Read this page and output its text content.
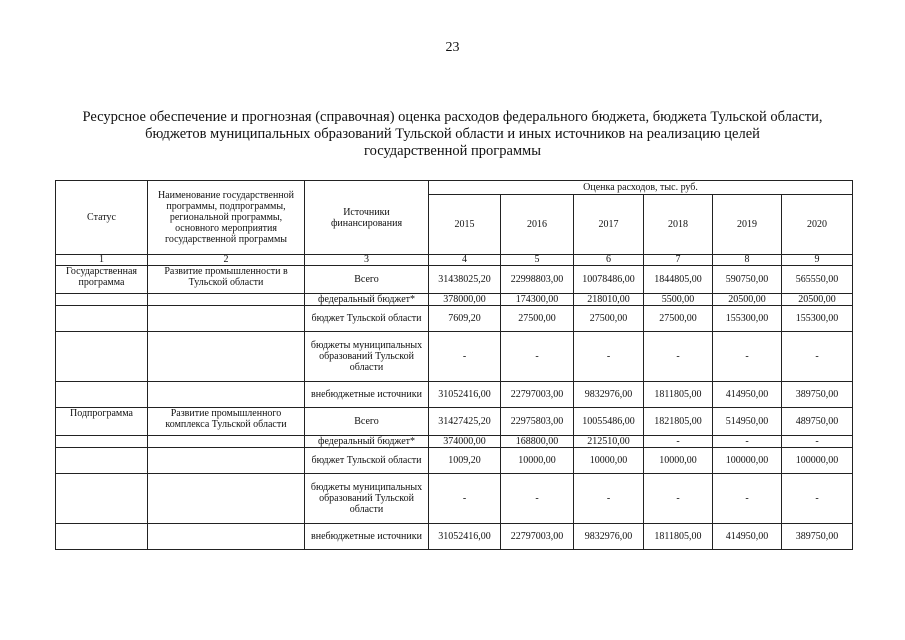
23
Ресурсное обеспечение и прогнозная (справочная) оценка расходов федерального бюджета, бюджета Тульской области,
бюджетов муниципальных образований Тульской области и иных источников на реализацию целей
государственной программы
Статус	Наименование государственной программы, подпрограммы, региональной программы, основного мероприятия государственной программы	Источники финансирования	Оценка расходов, тыс. руб.					
			2015	2016	2017	2018	2019	2020
1	2	3	4	5	6	7	8	9
Государственная программа	Развитие промышленности в Тульской области	Всего	31438025,20	22998803,00	10078486,00	1844805,00	590750,00	565550,00
		федеральный бюджет*	378000,00	174300,00	218010,00	5500,00	20500,00	20500,00
		бюджет Тульской области	7609,20	27500,00	27500,00	27500,00	155300,00	155300,00
		бюджеты муниципальных образований Тульской области	-	-	-	-	-	-
		внебюджетные источники	31052416,00	22797003,00	9832976,00	1811805,00	414950,00	389750,00
Подпрограмма	Развитие промышленного комплекса Тульской области	Всего	31427425,20	22975803,00	10055486,00	1821805,00	514950,00	489750,00
		федеральный бюджет*	374000,00	168800,00	212510,00	-	-	-
		бюджет Тульской области	1009,20	10000,00	10000,00	10000,00	100000,00	100000,00
		бюджеты муниципальных образований Тульской области	-	-	-	-	-	-
		внебюджетные источники	31052416,00	22797003,00	9832976,00	1811805,00	414950,00	389750,00
